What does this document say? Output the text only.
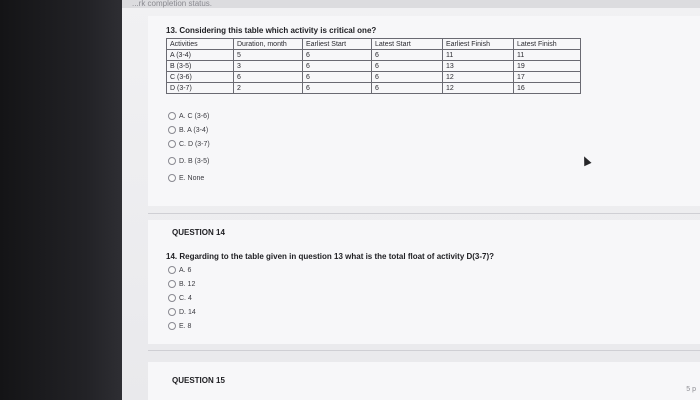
...rk completion status.
13. Considering this table which activity is critical one?
Activities	Duration, month	Earliest Start	Latest Start	Earliest Finish	Latest Finish
A (3-4)	5	6	6	11	11
B (3-5)	3	6	6	13	19
C (3-6)	6	6	6	12	17
D (3-7)	2	6	6	12	16
A. C (3-6)
B. A (3-4)
C. D (3-7)
D. B (3-5)
E. None
QUESTION 14
14. Regarding to the table given in question 13 what is the total float of activity D(3-7)?
A. 6
B. 12
C. 4
D. 14
E. 8
QUESTION 15
5 p
